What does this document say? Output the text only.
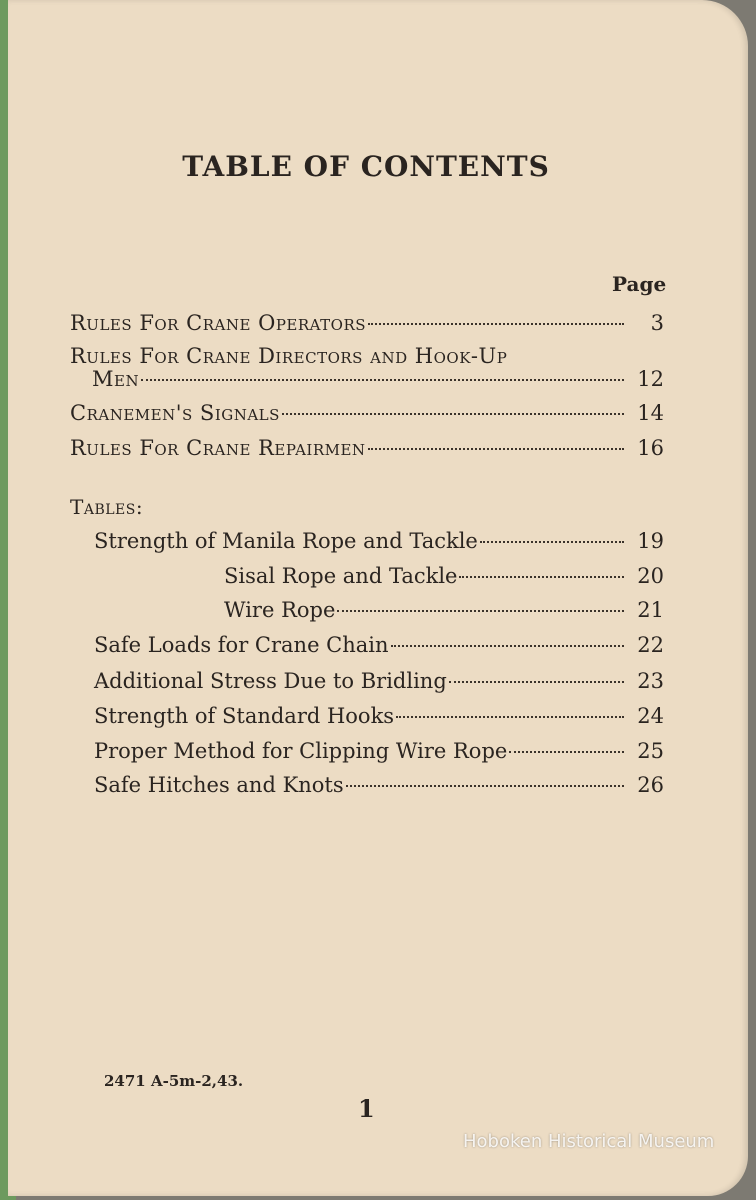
TABLE OF CONTENTS
Page
Rules For Crane Operators	3
Rules For Crane Directors and Hook-Up
Men	12
Cranemen's Signals	14
Rules For Crane Repairmen	16
Tables:
Strength of Manila Rope and Tackle	19
Sisal Rope and Tackle	20
Wire Rope	21
Safe Loads for Crane Chain	22
Additional Stress Due to Bridling	23
Strength of Standard Hooks	24
Proper Method for Clipping Wire Rope	25
Safe Hitches and Knots	26
2471 A-5m-2,43.
1
Hoboken Historical Museum
